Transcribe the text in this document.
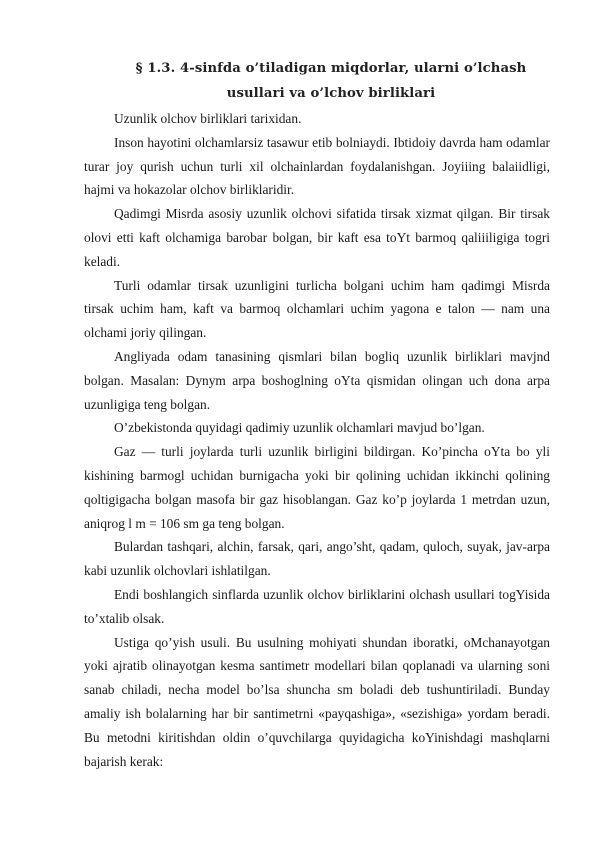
§ 1.3. 4-sinfda o’tiladigan miqdorlar, ularni o’lchash usullari va o’lchov birliklari

Uzunlik olchov birliklari tarixidan.

Inson hayotini olchamlarsiz tasawur etib bolniaydi. Ibtidoiy davrda ham odamlar turar joy qurish uchun turli xil olchainlardan foydalanishgan. Joyiiing balaiidligi, hajmi va hokazolar olchov birliklaridir.

Qadimgi Misrda asosiy uzunlik olchovi sifatida tirsak xizmat qilgan. Bir tirsak olovi etti kaft olchamiga barobar bolgan, bir kaft esa toYt barmoq qaliiiligiga togri keladi.

Turli odamlar tirsak uzunligini turlicha bolgani uchim ham qadimgi Misrda tirsak uchim ham, kaft va barmoq olchamlari uchim yagona e talon — nam una olchami joriy qilingan.

Angliyada odam tanasining qismlari bilan bogliq uzunlik birliklari mavjnd bolgan. Masalan: Dynym arpa boshoglning oYta qismidan olingan uch dona arpa uzunligiga teng bolgan.

O’zbekistonda quyidagi qadimiy uzunlik olchamlari mavjud bo’lgan.

Gaz — turli joylarda turli uzunlik birligini bildirgan. Ko’pincha oYta bo yli kishining barmogl uchidan burnigacha yoki bir qolining uchidan ikkinchi qolining qoltigigacha bolgan masofa bir gaz hisoblangan. Gaz ko’p joylarda 1 metrdan uzun, aniqrog l m = 106 sm ga teng bolgan.

Bulardan tashqari, alchin, farsak, qari, ango’sht, qadam, quloch, suyak, jav-arpa kabi uzunlik olchovlari ishlatilgan.

Endi boshlangich sinflarda uzunlik olchov birliklarini olchash usullari togYisida to’xtalib olsak.

Ustiga qo’yish usuli. Bu usulning mohiyati shundan iboratki, oMchanayotgan yoki ajratib olinayotgan kesma santimetr modellari bilan qoplanadi va ularning soni sanab chiladi, necha model bo’lsa shuncha sm boladi deb tushuntiriladi. Bunday amaliy ish bolalarning har bir santimetrni «payqashiga», «sezishiga» yordam beradi. Bu metodni kiritishdan oldin o’quvchilarga quyidagicha koYinishdagi mashqlarni bajarish kerak:
